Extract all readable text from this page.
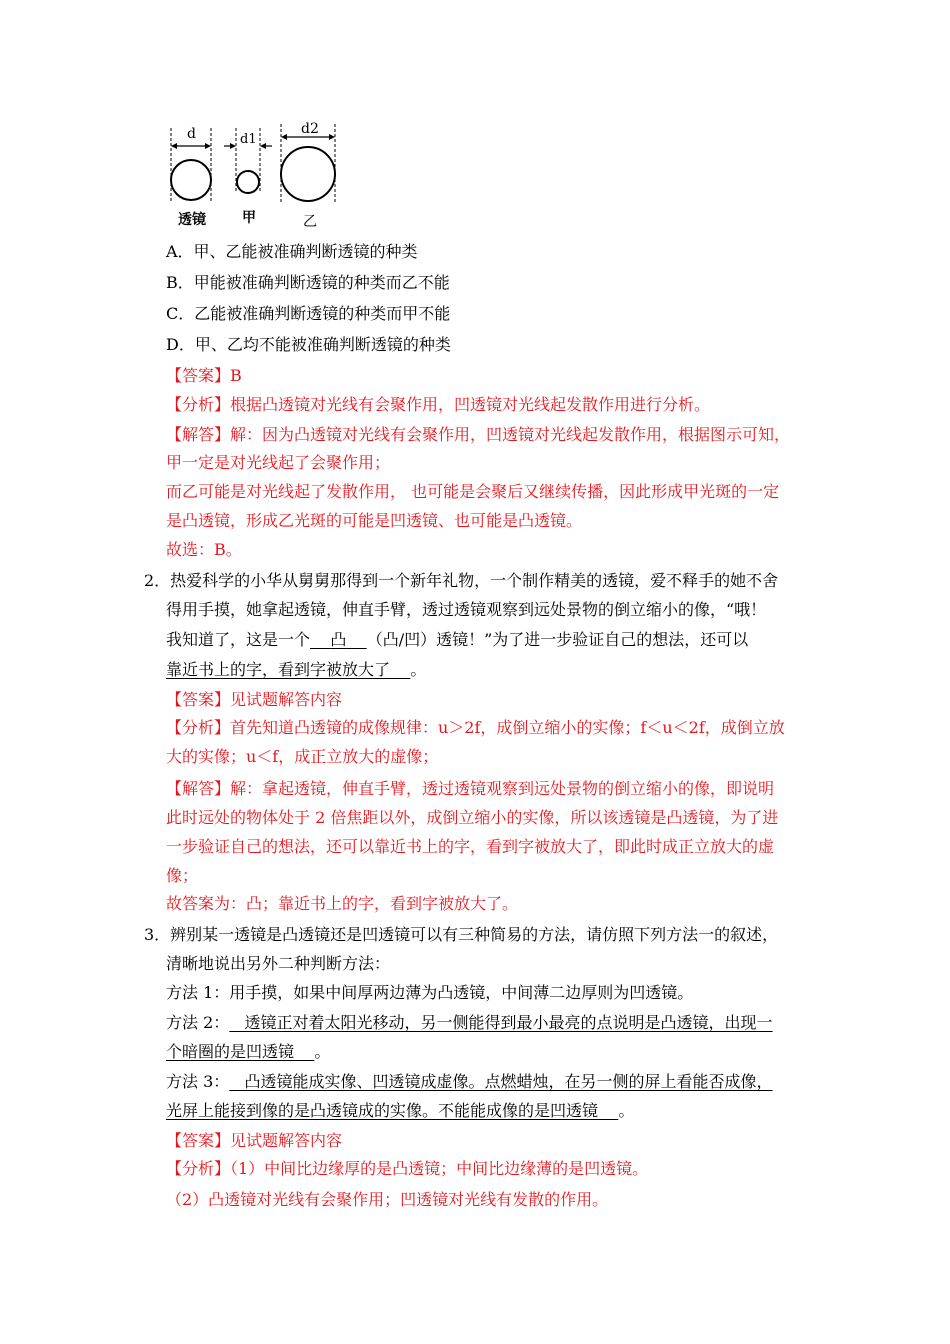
d	d1
d2
透镜	甲	乙
A．甲、乙能被准确判断透镜的种类
B．甲能被准确判断透镜的种类而乙不能
C．乙能被准确判断透镜的种类而甲不能
D．甲、乙均不能被准确判断透镜的种类
【答案】B
【分析】根据凸透镜对光线有会聚作用，凹透镜对光线起发散作用进行分析。
【解答】解：因为凸透镜对光线有会聚作用，凹透镜对光线起发散作用，根据图示可知，
甲一定是对光线起了会聚作用；
而乙可能是对光线起了发散作用， 也可能是会聚后又继续传播，因此形成甲光斑的一定
是凸透镜，形成乙光斑的可能是凹透镜、也可能是凸透镜。
故选：B。
2．热爱科学的小华从舅舅那得到一个新年礼物，一个制作精美的透镜，爱不释手的她不舍
得用手摸，她拿起透镜，伸直手臂，透过透镜观察到远处景物的倒立缩小的像，“哦！
我知道了，这是一个 凸 （凸/凹）透镜！”为了进一步验证自己的想法，还可以
靠近书上的字，看到字被放大了 。
【答案】见试题解答内容
【分析】首先知道凸透镜的成像规律：u＞2f，成倒立缩小的实像；f＜u＜2f，成倒立放
大的实像；u＜f，成正立放大的虚像；
【解答】解：拿起透镜，伸直手臂，透过透镜观察到远处景物的倒立缩小的像，即说明
此时远处的物体处于 2 倍焦距以外，成倒立缩小的实像，所以该透镜是凸透镜，为了进
一步验证自己的想法，还可以靠近书上的字，看到字被放大了，即此时成正立放大的虚
像；
故答案为：凸；靠近书上的字，看到字被放大了。
3．辨别某一透镜是凸透镜还是凹透镜可以有三种简易的方法，请仿照下列方法一的叙述，
清晰地说出另外二种判断方法：
方法 1：用手摸，如果中间厚两边薄为凸透镜，中间薄二边厚则为凹透镜。
方法 2： 透镜正对着太阳光移动，另一侧能得到最小最亮的点说明是凸透镜，出现一
个暗圈的是凹透镜 。
方法 3： 凸透镜能成实像、凹透镜成虚像。点燃蜡烛，在另一侧的屏上看能否成像，
光屏上能接到像的是凸透镜成的实像。不能能成像的是凹透镜 。
【答案】见试题解答内容
【分析】（1）中间比边缘厚的是凸透镜；中间比边缘薄的是凹透镜。
（2）凸透镜对光线有会聚作用；凹透镜对光线有发散的作用。
